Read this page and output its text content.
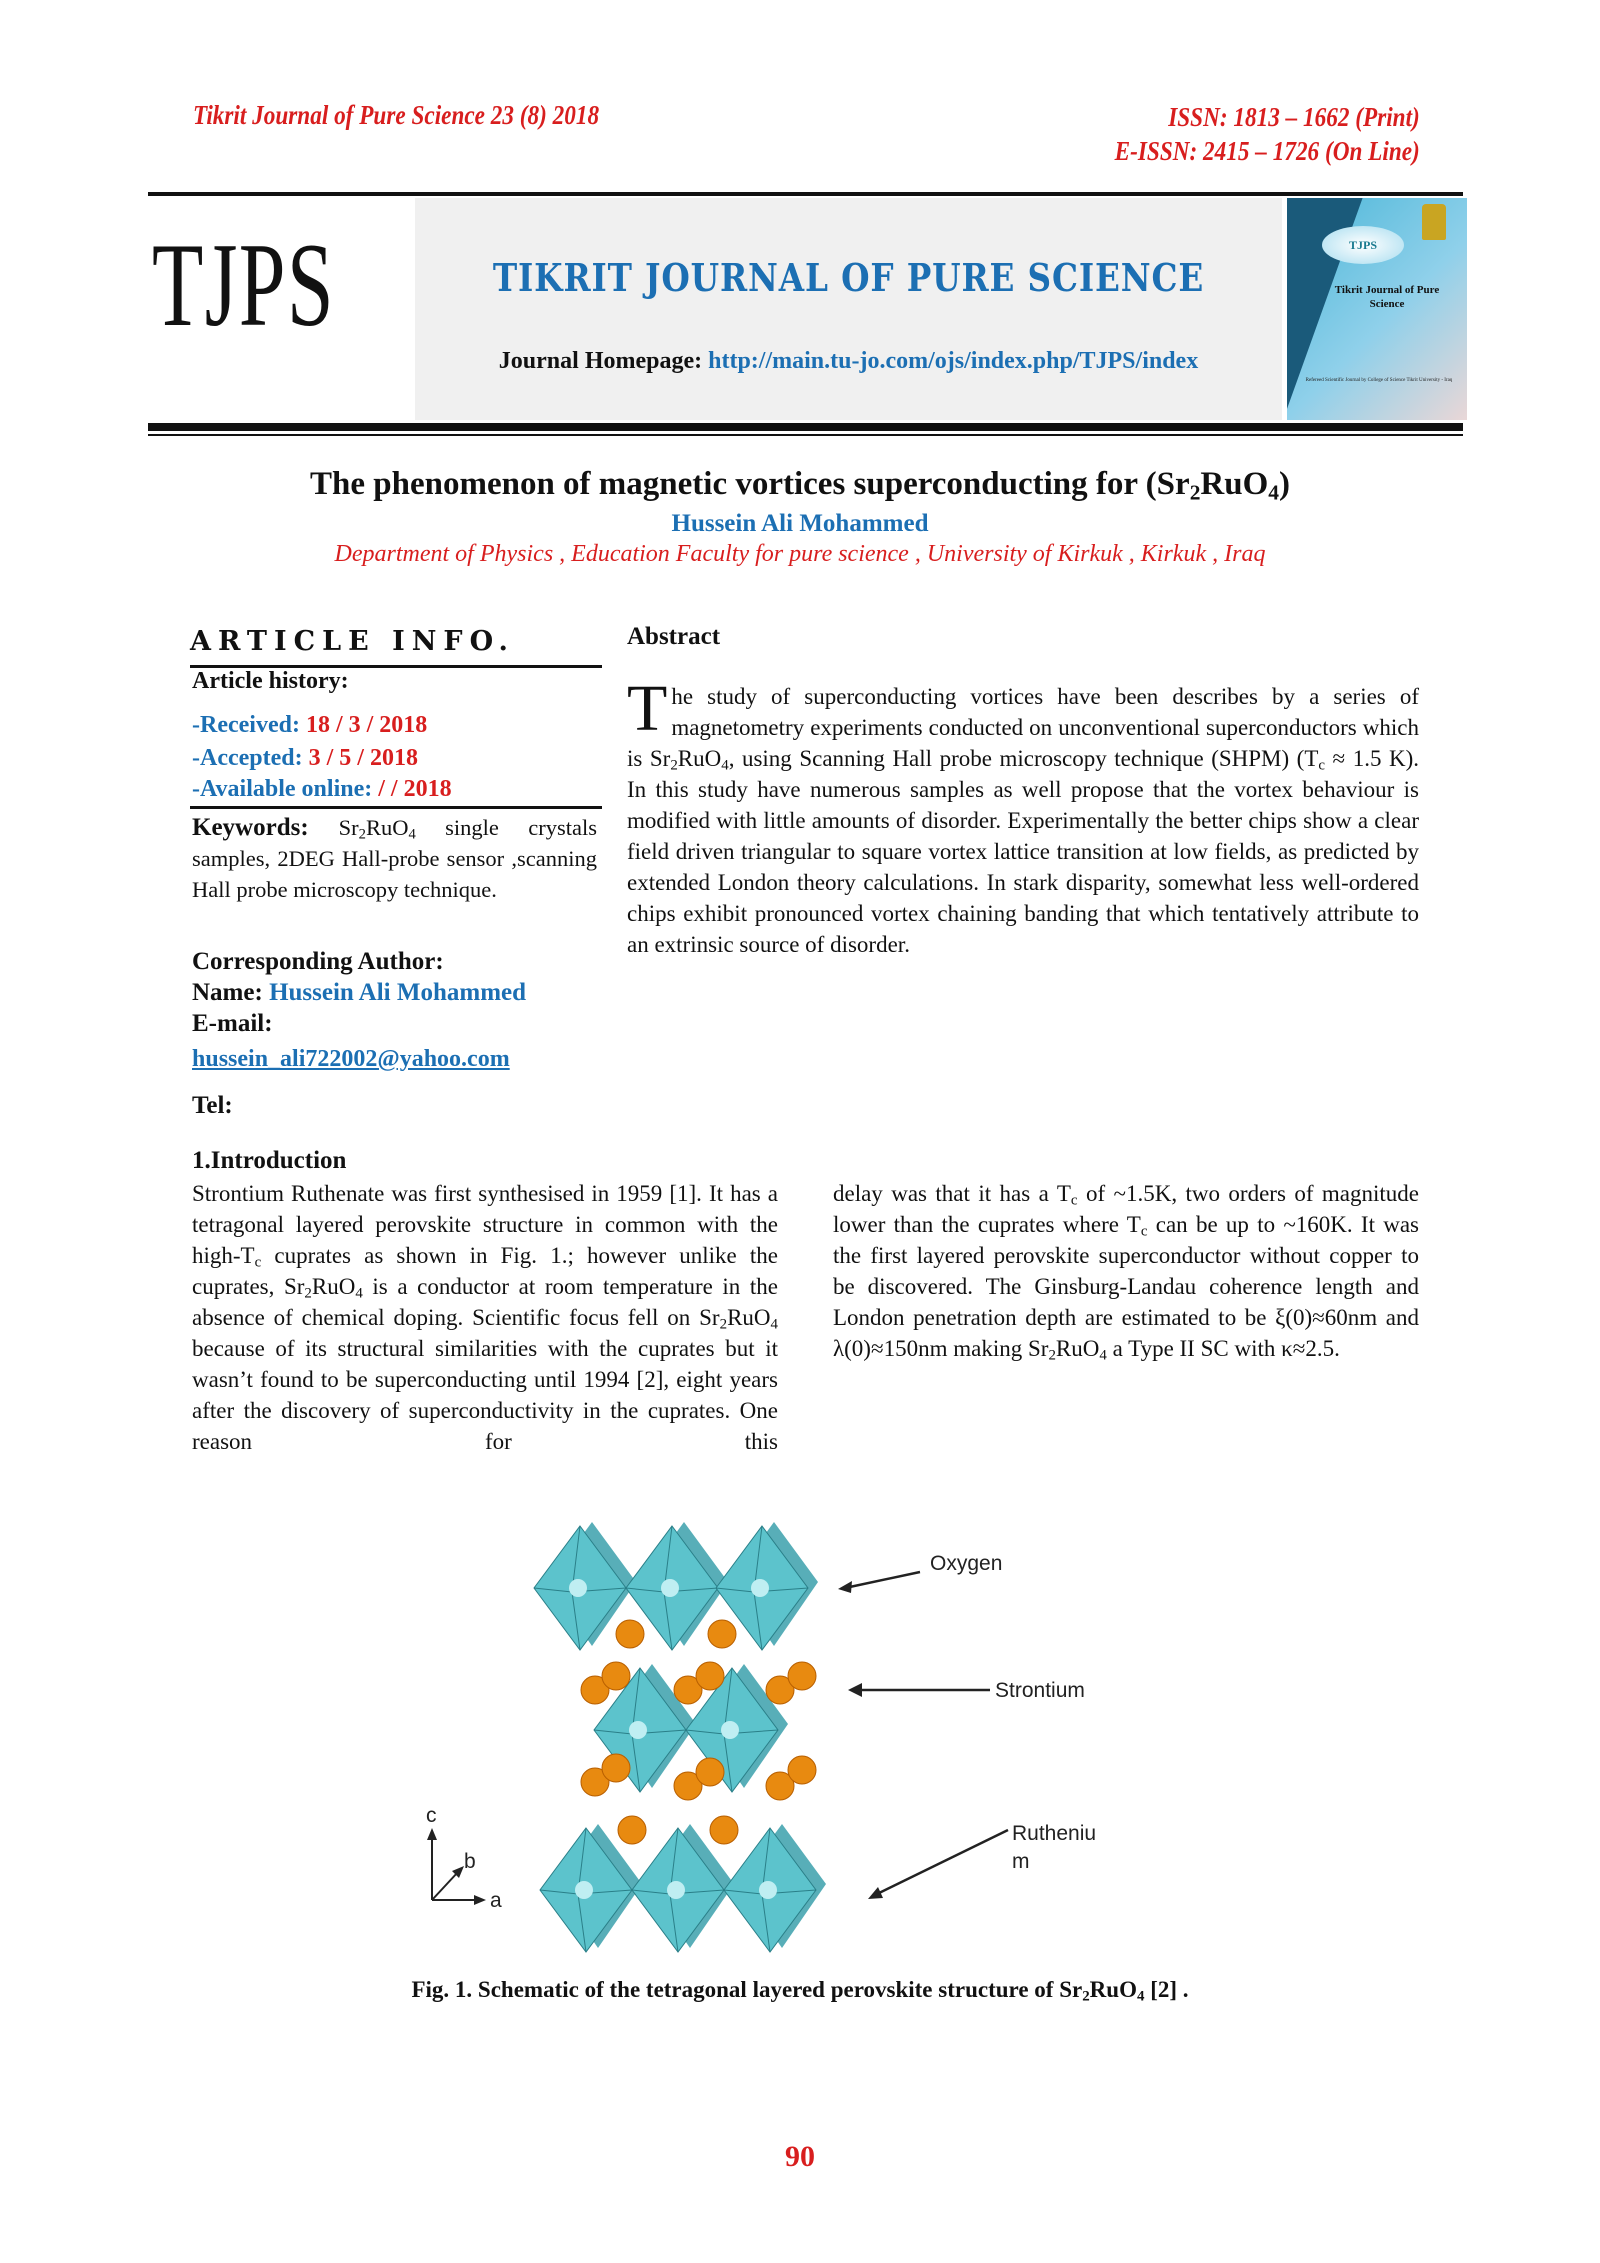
Tikrit Journal of Pure Science 23 (8) 2018	ISSN: 1813 – 1662 (Print)
E-ISSN: 2415 – 1726 (On Line)
TJPS	TIKRIT JOURNAL OF PURE SCIENCE
Journal Homepage: http://main.tu-jo.com/ojs/index.php/TJPS/index
TJPS
Tikrit Journal of Pure Science
Refereed Scientific Journal by College of Science Tikrit University - Iraq
The phenomenon of magnetic vortices superconducting for $(Sr_2RuO_4)$
Hussein Ali Mohammed
Department of Physics , Education Faculty for pure science , University of Kirkuk , Kirkuk , Iraq
ARTICLE INFO.
Article history:
-Received: 18 / 3 / 2018
-Accepted: 3 / 5 / 2018
-Available online: / / 2018
Keywords: $Sr_2RuO_4$ single crystals samples, 2DEG Hall-probe sensor ,scanning Hall probe microscopy technique.
Corresponding Author:
Name: Hussein Ali Mohammed
E-mail:
hussein_ali722002@yahoo.com
Tel:
Abstract
The study of superconducting vortices have been describes by a series of magnetometry experiments conducted on unconventional superconductors which is $Sr_2RuO_4$, using Scanning Hall probe microscopy technique (SHPM) ($T_c \approx 1.5$ K). In this study have numerous samples as well propose that the vortex behaviour is modified with little amounts of disorder. Experimentally the better chips show a clear field driven triangular to square vortex lattice transition at low fields, as predicted by extended London theory calculations. In stark disparity, somewhat less well-ordered chips exhibit pronounced vortex chaining banding that which tentatively attribute to an extrinsic source of disorder.
1.Introduction
Strontium Ruthenate was first synthesised in 1959 [1]. It has a tetragonal layered perovskite structure in common with the high-$T_c$ cuprates as shown in Fig. 1.; however unlike the cuprates, $Sr_2RuO_4$ is a conductor at room temperature in the absence of chemical doping. Scientific focus fell on $Sr_2RuO_4$ because of its structural similarities with the cuprates but it wasn’t found to be superconducting until 1994 [2], eight years after the discovery of superconductivity in the cuprates. One reason for this
delay was that it has a $T_c$ of ~1.5K, two orders of magnitude lower than the cuprates where $T_c$ can be up to ~160K. It was the first layered perovskite superconductor without copper to be discovered. The Ginsburg-Landau coherence length and London penetration depth are estimated to be ξ(0)≈60nm and λ(0)≈150nm making $Sr_2RuO_4$ a Type II SC with κ≈2.5.
Oxygen
Strontium
Rutheniu
m
c
b
a
Fig. 1. Schematic of the tetragonal layered perovskite structure of $Sr_2RuO_4$ [2] .
90
